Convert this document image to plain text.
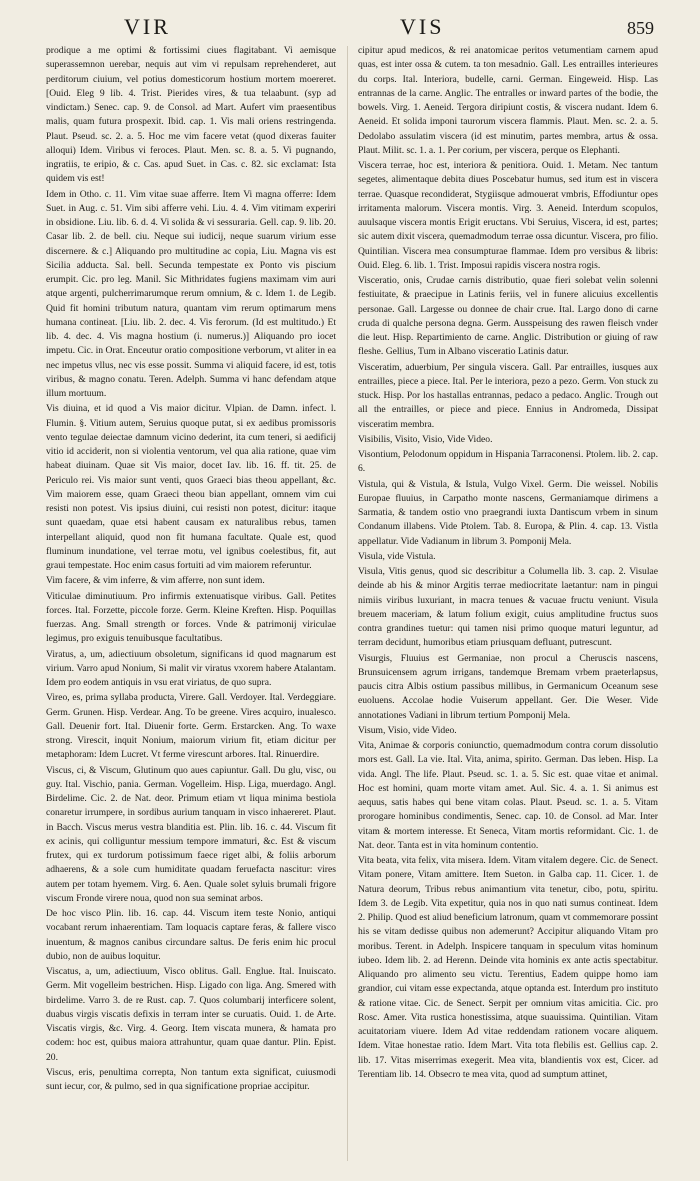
VIR	VIS	859

prodique a me optimi & fortissimi ciues flagitabant. Vi aemisque superassemnon uerebar, nequis aut vim vi repulsam reprehenderet, aut perditorum ciuium, vel potius domesticorum hostium mortem moereret. [Ouid. Eleg 9 lib. 4. Trist. Pierides vires, & tua telaabunt. (syp ad vindictam.) Senec. cap. 9. de Consol. ad Mart. Aufert vim praesentibus malis, quam futura prospexit. Ibid. cap. 1. Vis mali oriens restringenda. Plaut. Pseud. sc. 2. a. 5. Hoc me vim facere vetat (quod dixeras fauiter alloqui) Idem. Viribus vi feroces. Plaut. Men. sc. 8. a. 5. Vi pugnando, ingratiis, te eripio, & c. Cas. apud Suet. in Cas. c. 82. sic exclamat: Ista quidem vis est!

Idem in Otho. c. 11. Vim vitae suae afferre. Item Vi magna offerre: Idem Suet. in Aug. c. 51. Vim sibi afferre vehi. Liu. 4. 4. Vim vitimam experiri in obsidione. Liu. lib. 6. d. 4. Vi solida & vi sessuraria. Gell. cap. 9. lib. 20. Casar lib. 2. de bell. ciu. Neque sui iudicij, neque suarum virium esse discernere. & c.] Aliquando pro multitudine ac copia, Liu. Magna vis est Sicilia adducta. Sal. bell. Secunda tempestate ex Ponto vis piscium erumpit. Cic. pro leg. Manil. Sic Mithridates fugiens maximam vim auri atque argenti, pulcherrimarumque rerum omnium, & c. Idem 1. de Legib. Quid fit homini tributum natura, quantam vim rerum optimarum mens humana contineat. [Liu. lib. 2. dec. 4. Vis ferorum. (Id est multitudo.) Et lib. 4. dec. 4. Vis magna hostium (i. numerus.)] Aliquando pro iocet impetu. Cic. in Orat. Enceutur oratio compositione verborum, vt aliter in ea nec impetus vllus, nec vis esse possit. Summa vi aliquid facere, id est, totis viribus, & magno conatu. Teren. Adelph. Summa vi hanc defendam atque illum mortuum.

Vis diuina, et id quod a Vis maior dicitur. Vlpian. de Damn. infect. l. Flumin. §. Vitium autem, Seruius quoque putat, si ex aedibus promissoris vento tegulae deiectae damnum vicino dederint, ita cum teneri, si aedificij vitio id acciderit, non si violentia ventorum, vel qua alia ratione, quae vim habeat diuinam. Quae sit Vis maior, docet Iav. lib. 16. ff. tit. 25. de Periculo rei. Vis maior sunt venti, quos Graeci bias theou appellant, &c. Vim maiorem esse, quam Graeci theou bian appellant, omnem vim cui resisti non potest. Vis ipsius diuini, cui resisti non potest, dicitur: itaque sunt quaedam, quae etsi habent causam ex naturalibus rebus, tamen interpellant aliquid, quod non fit humana facultate. Quale est, quod fluminum inundatione, vel terrae motu, vel ignibus coelestibus, fit, aut graui tempestate. Hoc enim casus fortuiti ad vim maiorem referuntur.

Vim facere, & vim inferre, & vim afferre, non sunt idem.

Viticulae diminutiuum. Pro infirmis extenuatisque viribus. Gall. Petites forces. Ital. Forzette, piccole forze. Germ. Kleine Kreften. Hisp. Poquillas fuerzas. Ang. Small strength or forces. Vnde & patrimonij viriculae legimus, pro exiguis tenuibusque facultatibus.

Viratus, a, um, adiectiuum obsoletum, significans id quod magnarum est virium. Varro apud Nonium, Si malit vir viratus vxorem habere Atalantam. Idem pro eodem antiquis in vsu erat viriatus, de quo supra.

Vireo, es, prima syllaba producta, Virere. Gall. Verdoyer. Ital. Verdeggiare. Germ. Grunen. Hisp. Verdear. Ang. To be greene. Vires acquiro, inualesco. Gall. Deuenir fort. Ital. Diuenir forte. Germ. Erstarcken. Ang. To waxe strong. Virescit, inquit Nonium, maiorum virium fit, etiam dicitur per metaphoram: Idem Lucret. Vt ferme virescunt arbores. Ital. Rinuerdire.

Viscus, ci, & Viscum, Glutinum quo aues capiuntur. Gall. Du glu, visc, ou guy. Ital. Vischio, pania. German. Vogelleim. Hisp. Liga, muerdago. Angl. Birdelime. Cic. 2. de Nat. deor. Primum etiam vt liqua minima bestiola conaretur irrumpere, in sordibus aurium tanquam in visco inhaereret. Plaut. in Bacch. Viscus merus vestra blanditia est. Plin. lib. 16. c. 44. Viscum fit ex acinis, qui colliguntur messium tempore immaturi, &c. Est & viscum frutex, qui ex turdorum potissimum faece riget albi, & foliis arborum adhaerens, & a sole cum humiditate quadam feruefacta nascitur: vires autem per totam hyemem. Virg. 6. Aen. Quale solet syluis brumali frigore viscum Fronde virere noua, quod non sua seminat arbos.

De hoc visco Plin. lib. 16. cap. 44. Viscum item teste Nonio, antiqui vocabant rerum inhaerentiam. Tam loquacis captare feras, & fallere visco inuentum, & magnos canibus circundare saltus. De feris enim hic procul dubio, non de auibus loquitur.

Viscatus, a, um, adiectiuum, Visco oblitus. Gall. Englue. Ital. Inuiscato. Germ. Mit vogelleim bestrichen. Hisp. Ligado con liga. Ang. Smered with birdelime. Varro 3. de re Rust. cap. 7. Quos columbarij interficere solent, duabus virgis viscatis defixis in terram inter se curuatis. Ouid. 1. de Arte. Viscatis virgis, &c. Virg. 4. Georg. Item viscata munera, & hamata pro codem: hoc est, quibus maiora attrahuntur, quam quae dantur. Plin. Epist. 20.

Viscus, eris, penultima correpta, Non tantum exta significat, cuiusmodi sunt iecur, cor, & pulmo, sed in qua significatione propriae accipitur.

cipitur apud medicos, & rei anatomicae peritos vetumentiam carnem apud quas, est inter ossa & cutem. ta ton mesadnio. Gall. Les entrailles interieures du corps. Ital. Interiora, budelle, carni. German. Eingeweid. Hisp. Las entrannas de la carne. Anglic. The entralles or inward partes of the bodie, the bowels. Virg. 1. Aeneid. Tergora diripiunt costis, & viscera nudant. Idem 6. Aeneid. Et solida imponi taurorum viscera flammis. Plaut. Men. sc. 2. a. 5. Dedolabo assulatim viscera (id est minutim, partes membra, artus & ossa. Plaut. Milit. sc. 1. a. 1. Per corium, per viscera, perque os Elephanti.

Viscera terrae, hoc est, interiora & penitiora. Ouid. 1. Metam. Nec tantum segetes, alimentaque debita diues Poscebatur humus, sed itum est in viscera terrae. Quasque recondiderat, Stygiisque admouerat vmbris, Effodiuntur opes irritamenta malorum. Viscera montis. Virg. 3. Aeneid. Interdum scopulos, auulsaque viscera montis Erigit eructans. Vbi Seruius, Viscera, id est, partes; sic autem dixit viscera, quemadmodum terrae ossa dicuntur. Viscera, pro filio. Quintilian. Viscera mea consumpturae flammae. Idem pro versibus & libris: Ouid. Eleg. 6. lib. 1. Trist. Imposui rapidis viscera nostra rogis.

Visceratio, onis, Crudae carnis distributio, quae fieri solebat velin solenni festiuitate, & praecipue in Latinis feriis, vel in funere alicuius excellentis personae. Gall. Largesse ou donnee de chair crue. Ital. Largo dono di carne cruda di qualche persona degna. Germ. Ausspeisung des rawen fleisch vnder die leut. Hisp. Repartimiento de carne. Anglic. Distribution or giuing of raw fleshe. Gellius, Tum in Albano visceratio Latinis datur.

Visceratim, aduerbium, Per singula viscera. Gall. Par entrailles, iusques aux entrailles, piece a piece. Ital. Per le interiora, pezo a pezo. Germ. Von stuck zu stuck. Hisp. Por los hastallas entrannas, pedaco a pedaco. Anglic. Trough out all the entrailles, or piece and piece. Ennius in Andromeda, Dissipat visceratim membra.

Visibilis, Visito, Visio, Vide Video.

Visontium, Pelodonum oppidum in Hispania Tarraconensi. Ptolem. lib. 2. cap. 6.

Vistula, qui & Vistula, & Istula, Vulgo Vixel. Germ. Die weissel. Nobilis Europae fluuius, in Carpatho monte nascens, Germaniamque dirimens a Sarmatia, & tandem ostio vno praegrandi iuxta Dantiscum vrbem in sinum Condanum illabens. Vide Ptolem. Tab. 8. Europa, & Plin. 4. cap. 13. Vistla appellatur. Vide Vadianum in librum 3. Pomponij Mela.

Visula, vide Vistula.

Visula, Vitis genus, quod sic describitur a Columella lib. 3. cap. 2. Visulae deinde ab his & minor Argitis terrae mediocritate laetantur: nam in pingui nimiis viribus luxuriant, in macra tenues & vacuae fructu veniunt. Visula breuem maceriam, & latum folium exigit, cuius amplitudine fructus suos contra grandines tuetur: qui tamen nisi primo quoque maturi leguntur, ad terram decidunt, humoribus etiam priusquam defluant, putrescunt.

Visurgis, Fluuius est Germaniae, non procul a Cheruscis nascens, Brunsuicensem agrum irrigans, tandemque Bremam vrbem praeterlapsus, paucis citra Albis ostium passibus millibus, in Germanicum Oceanum sese euoluens. Accolae hodie Vuiserum appellant. Ger. Die Weser. Vide annotationes Vadiani in librum tertium Pomponij Mela.

Visum, Visio, vide Video.

Vita, Animae & corporis coniunctio, quemadmodum contra corum dissolutio mors est. Gall. La vie. Ital. Vita, anima, spirito. German. Das leben. Hisp. La vida. Angl. The life. Plaut. Pseud. sc. 1. a. 5. Sic est. quae vitae et animal. Hoc est homini, quam morte vitam amet. Aul. Sic. 4. a. 1. Si animus est aequus, satis habes qui bene vitam colas. Plaut. Pseud. sc. 1. a. 5. Vitam prorogare hominibus condimentis, Senec. cap. 10. de Consol. ad Mar. Inter vitam & mortem interesse. Et Seneca, Vitam mortis reformidant. Cic. 1. de Nat. deor. Tanta est in vita hominum contentio.

Vita beata, vita felix, vita misera. Idem. Vitam vitalem degere. Cic. de Senect. Vitam ponere, Vitam amittere. Item Sueton. in Galba cap. 11. Cicer. 1. de Natura deorum, Tribus rebus animantium vita tenetur, cibo, potu, spiritu. Idem 3. de Legib. Vita expetitur, quia nos in quo nati sumus contineat. Idem 2. Philip. Quod est aliud beneficium latronum, quam vt commemorare possint his se vitam dedisse quibus non ademerunt? Accipitur aliquando Vitam pro moribus. Terent. in Adelph. Inspicere tanquam in speculum vitas hominum iubeo. Idem lib. 2. ad Herenn. Deinde vita hominis ex ante actis spectabitur. Aliquando pro alimento seu victu. Terentius, Eadem quippe homo iam grandior, cui vitam esse expectanda, atque optanda est. Interdum pro instituto & ratione vitae. Cic. de Senect. Serpit per omnium vitas amicitia. Cic. pro Rosc. Amer. Vita rustica honestissima, atque suauissima. Quintilian. Vitam acuitatoriam viuere. Idem Ad vitae reddendam rationem vocare aliquem. Idem. Vitae honestae ratio. Idem Mart. Vita tota flebilis est. Gellius cap. 2. lib. 17. Vitas miserrimas exegerit. Mea vita, blandientis vox est, Cicer. ad Terentiam lib. 14. Obsecro te mea vita, quod ad sumptum attinet,
